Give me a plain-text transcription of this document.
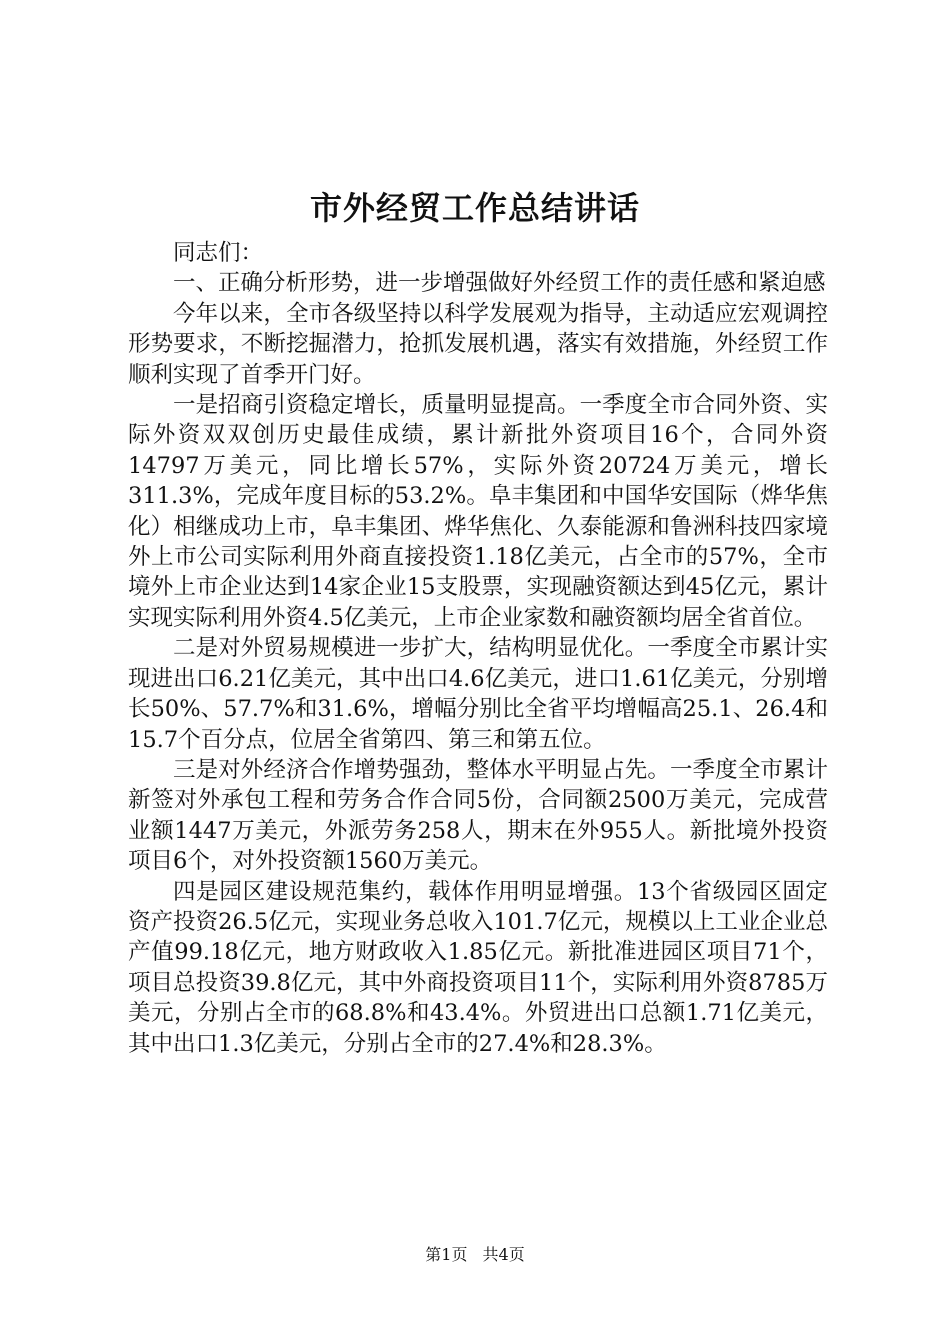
市外经贸工作总结讲话

同志们：

一、正确分析形势，进一步增强做好外经贸工作的责任感和紧迫感

今年以来，全市各级坚持以科学发展观为指导，主动适应宏观调控形势要求，不断挖掘潜力，抢抓发展机遇，落实有效措施，外经贸工作顺利实现了首季开门好。

一是招商引资稳定增长，质量明显提高。一季度全市合同外资、实际外资双双创历史最佳成绩，累计新批外资项目16个，合同外资14797万美元，同比增长57%，实际外资20724万美元，增长311.3%，完成年度目标的53.2%。阜丰集团和中国华安国际（烨华焦化）相继成功上市，阜丰集团、烨华焦化、久泰能源和鲁洲科技四家境外上市公司实际利用外商直接投资1.18亿美元，占全市的57%，全市境外上市企业达到14家企业15支股票，实现融资额达到45亿元，累计实现实际利用外资4.5亿美元，上市企业家数和融资额均居全省首位。

二是对外贸易规模进一步扩大，结构明显优化。一季度全市累计实现进出口6.21亿美元，其中出口4.6亿美元，进口1.61亿美元，分别增长50%、57.7%和31.6%，增幅分别比全省平均增幅高25.1、26.4和15.7个百分点，位居全省第四、第三和第五位。

三是对外经济合作增势强劲，整体水平明显占先。一季度全市累计新签对外承包工程和劳务合作合同5份，合同额2500万美元，完成营业额1447万美元，外派劳务258人，期末在外955人。新批境外投资项目6个，对外投资额1560万美元。

四是园区建设规范集约，载体作用明显增强。13个省级园区固定资产投资26.5亿元，实现业务总收入101.7亿元，规模以上工业企业总产值99.18亿元，地方财政收入1.85亿元。新批准进园区项目71个，项目总投资39.8亿元，其中外商投资项目11个，实际利用外资8785万美元，分别占全市的68.8%和43.4%。外贸进出口总额1.71亿美元，其中出口1.3亿美元，分别占全市的27.4%和28.3%。

第1页 共4页
